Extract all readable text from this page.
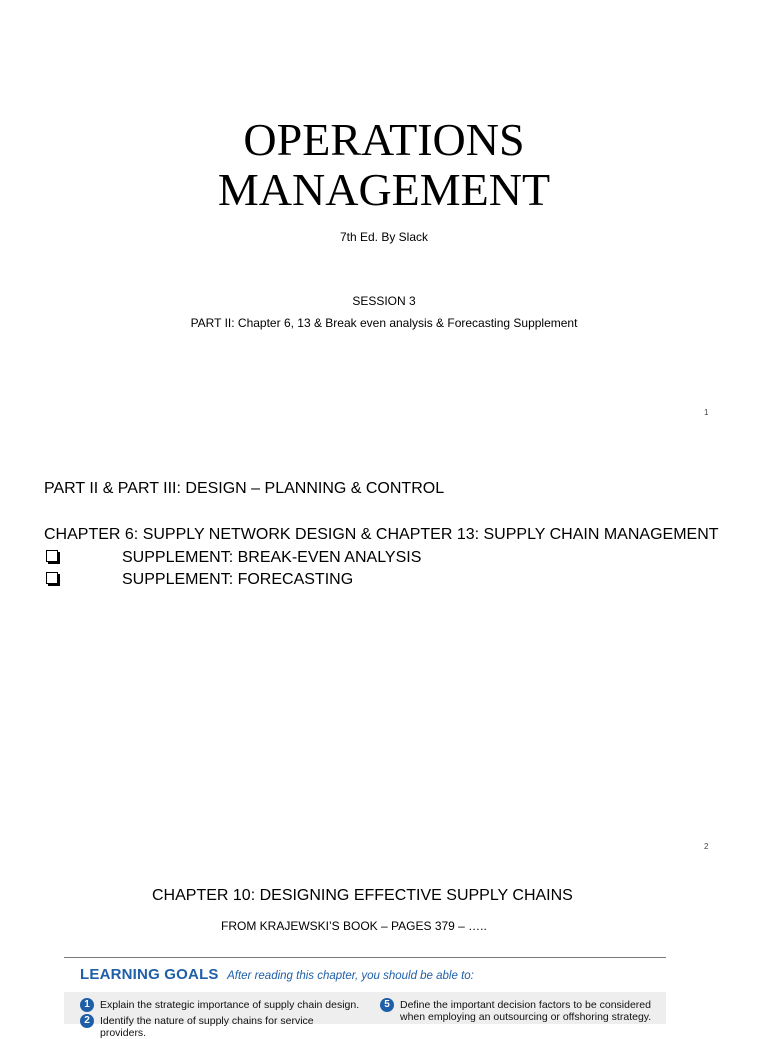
OPERATIONS
MANAGEMENT
7th Ed. By Slack
SESSION 3
PART II: Chapter 6, 13 & Break even analysis & Forecasting Supplement
1
PART II & PART III: DESIGN – PLANNING & CONTROL
CHAPTER 6: SUPPLY NETWORK DESIGN & CHAPTER 13: SUPPLY CHAIN MANAGEMENT
SUPPLEMENT: BREAK-EVEN ANALYSIS
SUPPLEMENT: FORECASTING
2
CHAPTER 10: DESIGNING EFFECTIVE SUPPLY CHAINS
FROM KRAJEWSKI’S BOOK – PAGES 379 – …..
LEARNING GOALS After reading this chapter, you should be able to:
1 Explain the strategic importance of supply chain design.	5 Define the important decision factors to be considered when employing an outsourcing or offshoring strategy.
2 Identify the nature of supply chains for service providers.
